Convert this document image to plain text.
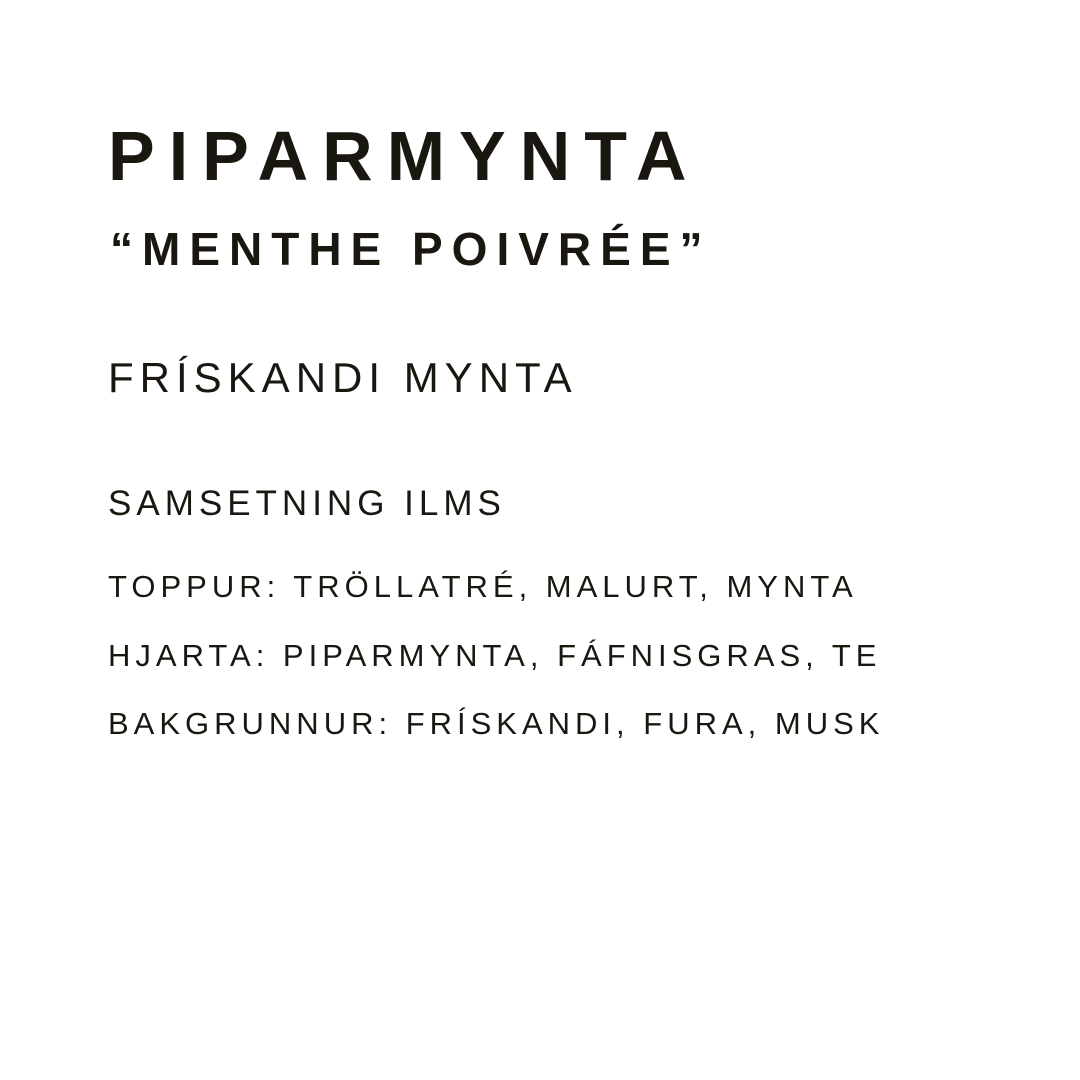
PIPARMYNTA
“MENTHE POIVRÉE”

FRÍSKANDI MYNTA

SAMSETNING ILMS

TOPPUR: TRÖLLATRÉ, MALURT, MYNTA

HJARTA: PIPARMYNTA, FÁFNISGRAS, TE

BAKGRUNNUR: FRÍSKANDI, FURA, MUSK
